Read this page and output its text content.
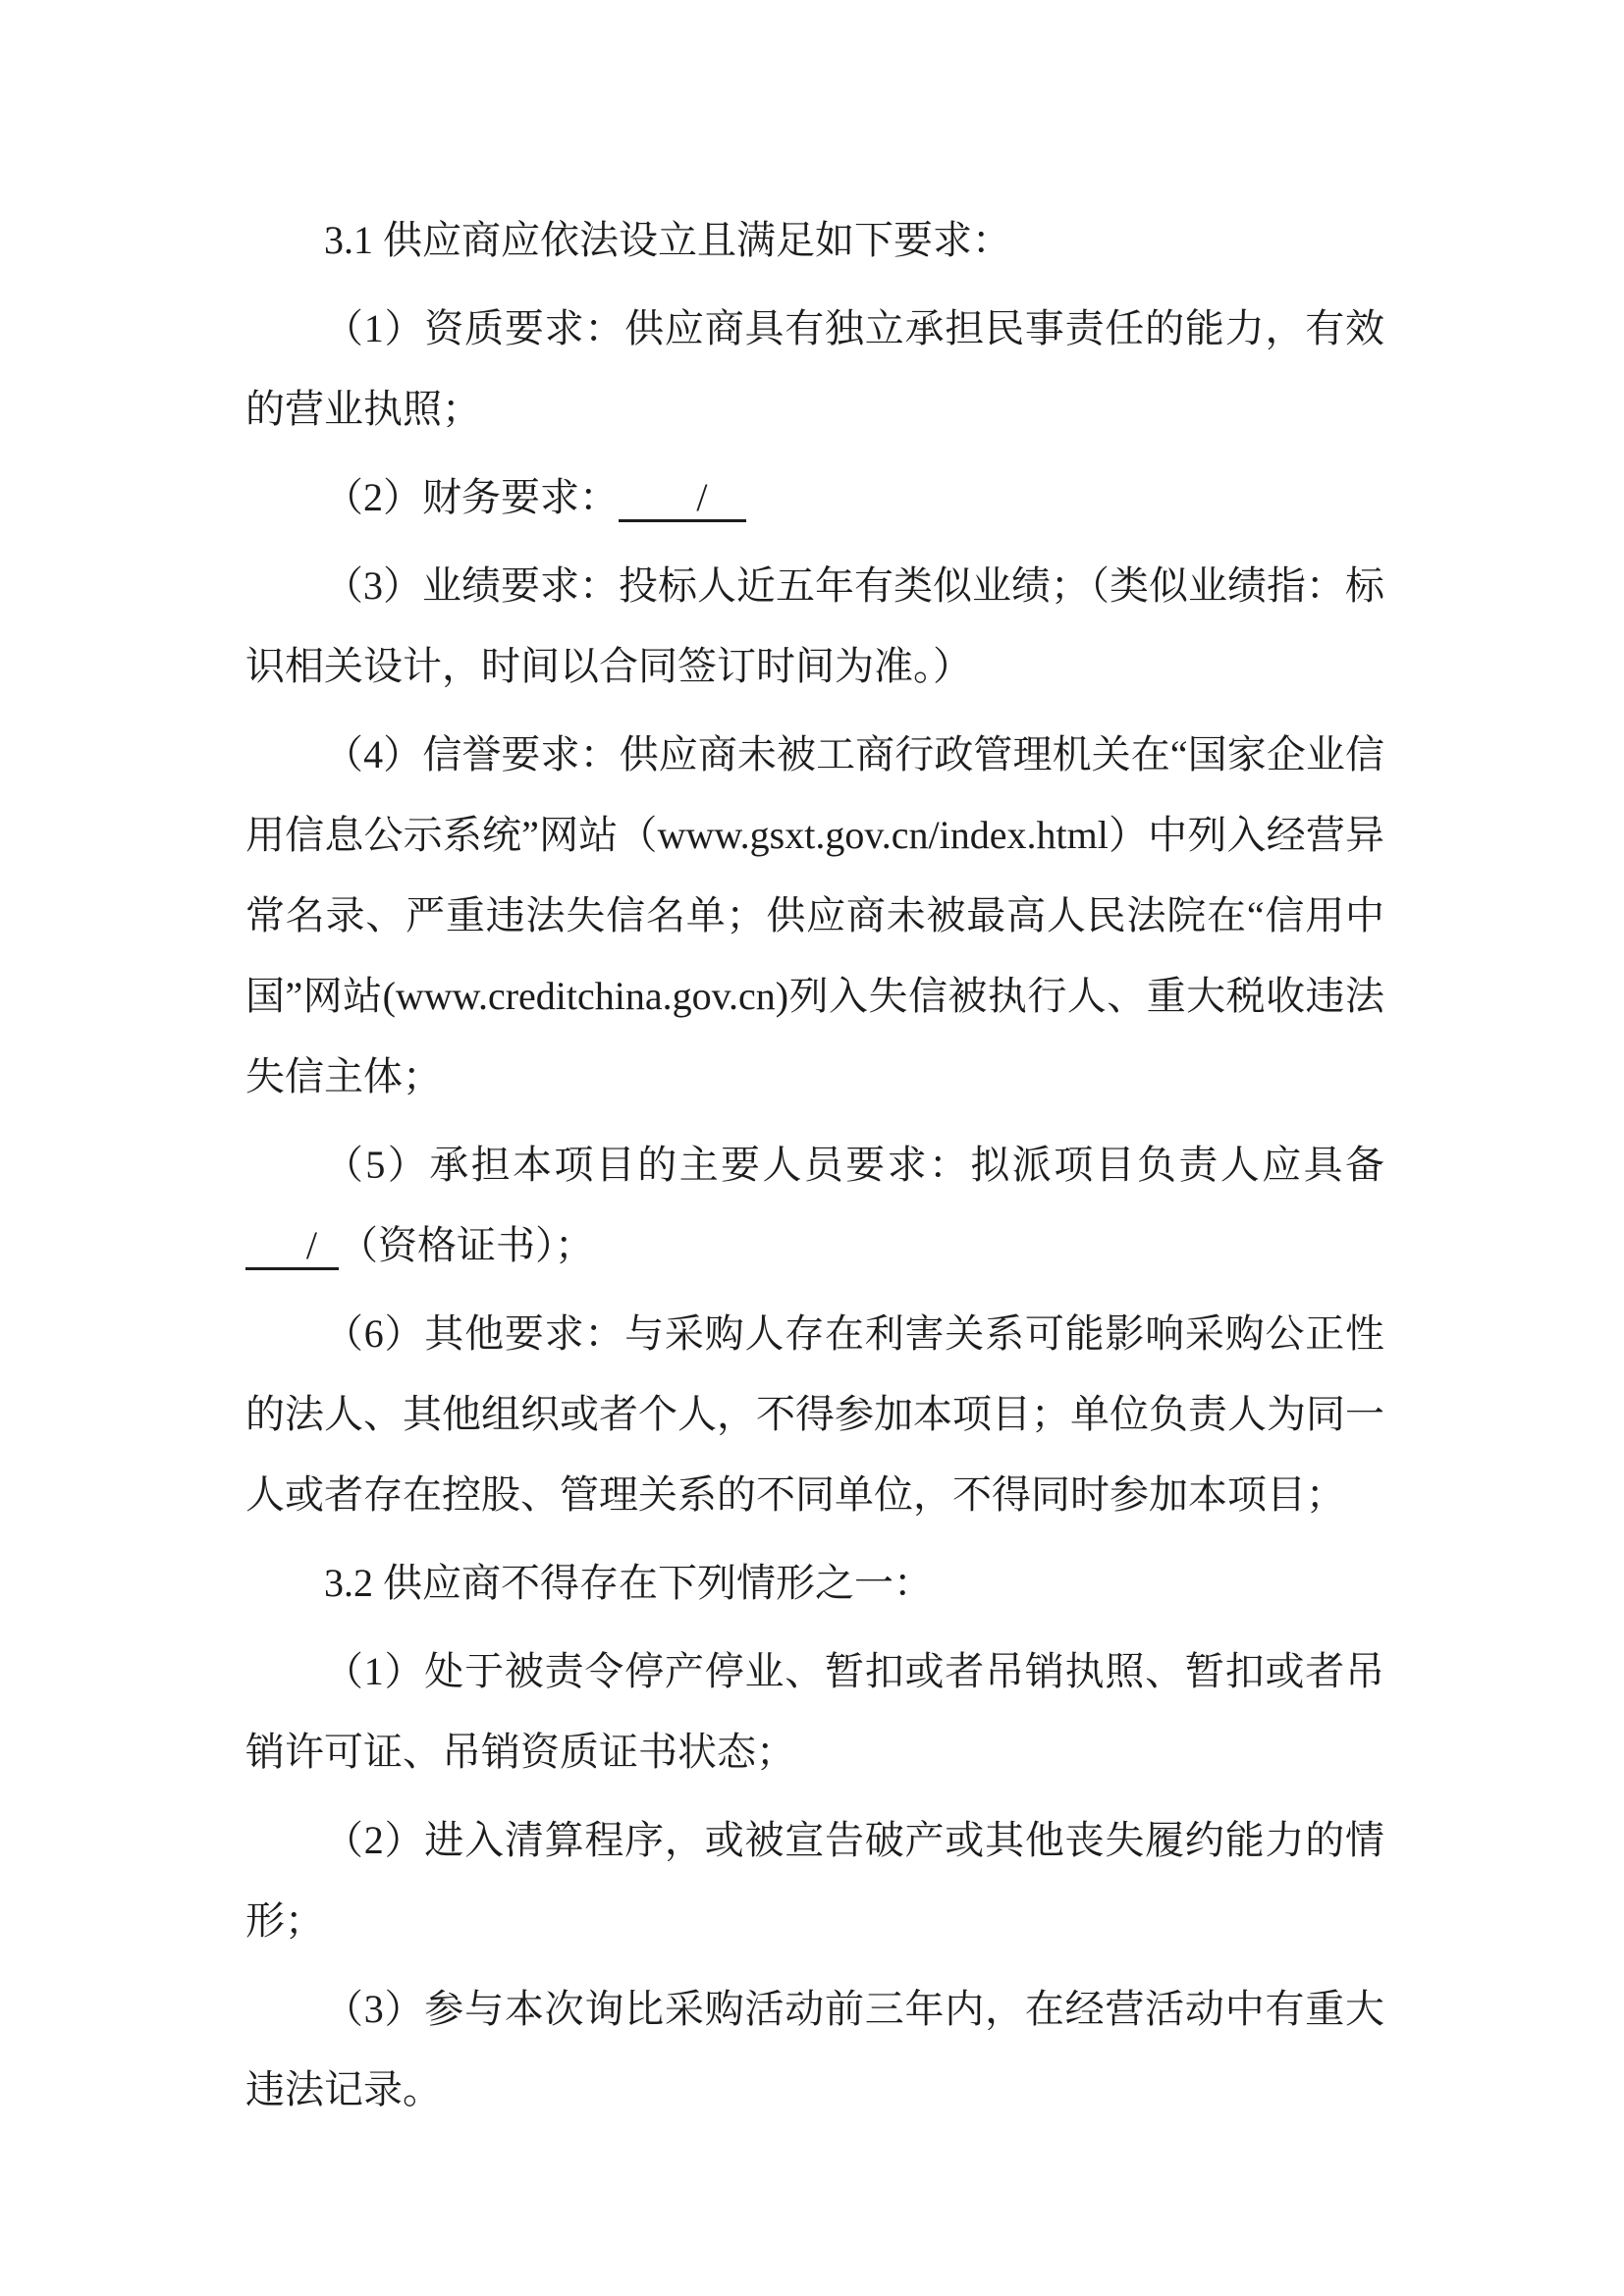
3.1 供应商应依法设立且满足如下要求：

（1）资质要求：供应商具有独立承担民事责任的能力，有效的营业执照；

（2）财务要求：　/　

（3）业绩要求：投标人近五年有类似业绩；（类似业绩指：标识相关设计，时间以合同签订时间为准。）

（4）信誉要求：供应商未被工商行政管理机关在“国家企业信用信息公示系统”网站（www.gsxt.gov.cn/index.html）中列入经营异常名录、严重违法失信名单；供应商未被最高人民法院在“信用中国”网站(www.creditchina.gov.cn)列入失信被执行人、重大税收违法失信主体；

（5）承担本项目的主要人员要求：拟派项目负责人应具备　/　（资格证书）；

（6）其他要求：与采购人存在利害关系可能影响采购公正性的法人、其他组织或者个人，不得参加本项目；单位负责人为同一人或者存在控股、管理关系的不同单位，不得同时参加本项目；

3.2 供应商不得存在下列情形之一：

（1）处于被责令停产停业、暂扣或者吊销执照、暂扣或者吊销许可证、吊销资质证书状态；

（2）进入清算程序，或被宣告破产或其他丧失履约能力的情形；

（3）参与本次询比采购活动前三年内，在经营活动中有重大违法记录。
